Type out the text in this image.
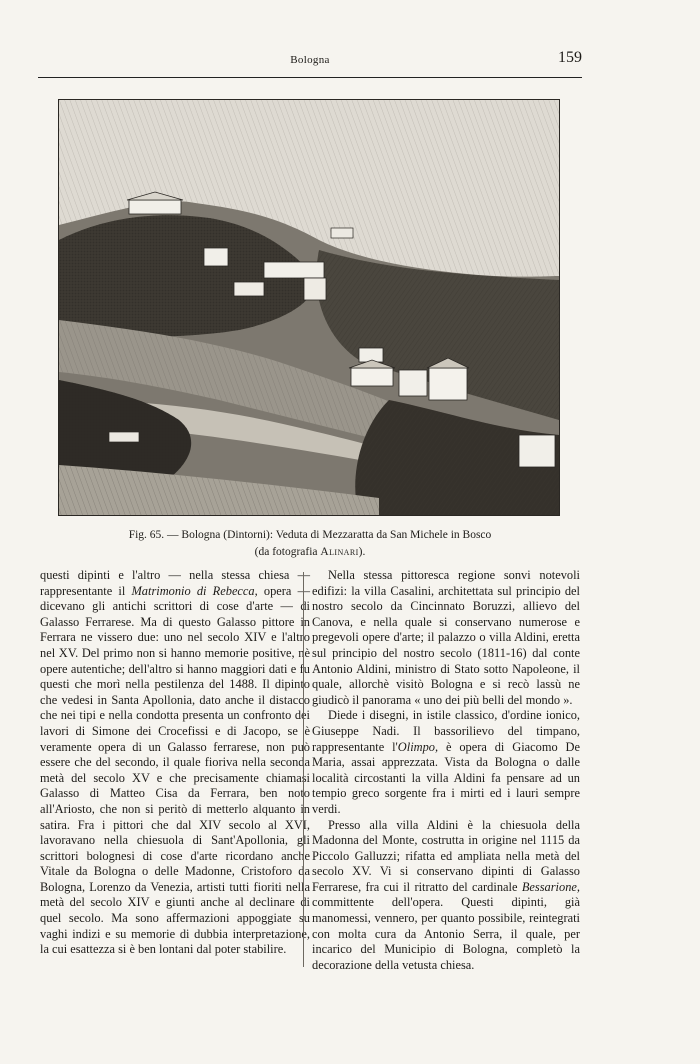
Bologna	159
Fig. 65. — Bologna (Dintorni): Veduta di Mezzaratta da San Michele in Bosco
(da fotografia Alinari).

questi dipinti e l'altro — nella stessa chiesa — rappresentante il Matrimonio di Rebecca, opera — dicevano gli antichi scrittori di cose d'arte — di Galasso Ferrarese. Ma di questo Galasso pittore in Ferrara ne vissero due: uno nel secolo XIV e l'altro nel XV. Del primo non si hanno memorie positive, nè opere autentiche; dell'altro si hanno maggiori dati e fu questi che morì nella pestilenza del 1488. Il dipinto che vedesi in Santa Apollonia, dato anche il distacco che nei tipi e nella condotta presenta un confronto dei lavori di Simone dei Crocefissi e di Jacopo, se è veramente opera di un Galasso ferrarese, non può essere che del secondo, il quale fioriva nella seconda metà del secolo XV e che precisamente chiamasi Galasso di Matteo Cisa da Ferrara, ben noto all'Ariosto, che non si peritò di metterlo alquanto in satira. Fra i pittori che dal XIV secolo al XVI, lavoravano nella chiesuola di Sant'Apollonia, gli scrittori bolognesi di cose d'arte ricordano anche Vitale da Bologna o delle Madonne, Cristoforo da Bologna, Lorenzo da Venezia, artisti tutti fioriti nella metà del secolo XIV e giunti anche al declinare di quel secolo. Ma sono affermazioni appoggiate su vaghi indizi e su memorie di dubbia interpretazione, la cui esattezza si è ben lontani dal poter stabilire.

Nella stessa pittoresca regione sonvi notevoli edifizi: la villa Casalini, architettata sul principio del nostro secolo da Cincinnato Boruzzi, allievo del Canova, e nella quale si conservano numerose e pregevoli opere d'arte; il palazzo o villa Aldini, eretta sul principio del nostro secolo (1811-16) dal conte Antonio Aldini, ministro di Stato sotto Napoleone, il quale, allorchè visitò Bologna e si recò lassù ne giudicò il panorama « uno dei più belli del mondo ».

Diede i disegni, in istile classico, d'ordine ionico, Giuseppe Nadi. Il bassorilievo del timpano, rappresentante l'Olimpo, è opera di Giacomo De Maria, assai apprezzata. Vista da Bologna o dalle località circostanti la villa Aldini fa pensare ad un tempio greco sorgente fra i mirti ed i lauri sempre verdi.

Presso alla villa Aldini è la chiesuola della Madonna del Monte, costrutta in origine nel 1115 da Piccolo Galluzzi; rifatta ed ampliata nella metà del secolo XV. Vi si conservano dipinti di Galasso Ferrarese, fra cui il ritratto del cardinale Bessarione, committente dell'opera. Questi dipinti, già manomessi, vennero, per quanto possibile, reintegrati con molta cura da Antonio Serra, il quale, per incarico del Municipio di Bologna, completò la decorazione della vetusta chiesa.
